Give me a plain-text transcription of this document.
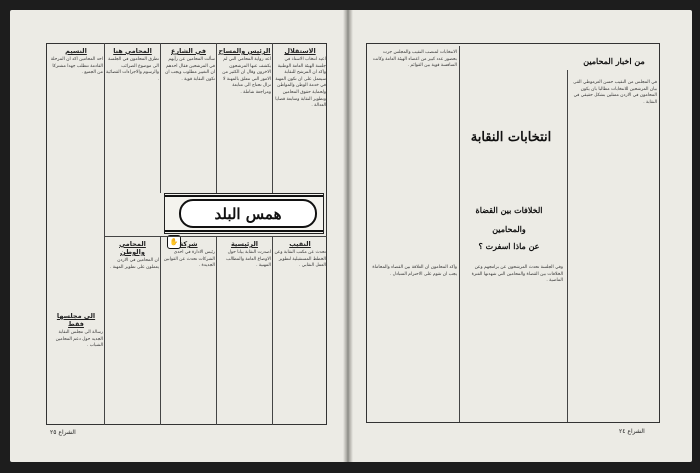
الاستقلال

اعيد انتخاب الاستاذ في جلسة الهيئة العامة الوطنية واكد ان المرشح للنقابة سيعمل على ان تكون المهنة في خدمة الوطن والمواطن ولحماية حقوق المحامين وتطوير النقابة ومتابعة قضايا العدالة .

الرئيس والمساح

اعد رواية المحامي التي لم يكشف عنها المرشحون الاخرون وقال ان الكثير من الامور التي تتعلق بالمهنة لا تزال تحتاج الى متابعة ومراجعة شاملة .

في الشارع

سألت المحامين عن رأيهم في المرشحين فقال احدهم ان التغيير مطلوب ويجب ان تكون النقابة قوية .

المحامي هنا

تطرق المحامون في الجلسة الى موضوع الضرائب والرسوم والاجراءات القضائية .

النسيم

احد المحامين اكد ان المرحلة القادمة تتطلب جهدا مشتركا من الجميع .

✋
همس البلد
النقيب

تحدث عن مكتب النقابة وعن الخطط المستقبلية لتطوير العمل النقابي .

الرئيسية

اصدرت النقابة بيانا حول الاوضاع العامة والمطالب المهنية .

شركة

رئيس الادارة في احدى الشركات تحدث عن القوانين الجديدة .

المحامي والوطن

ان المحامين في الاردن يعملون على تطوير المهنة .

الى مجلسها فقط

رسالة الى مجلس النقابة الجديد حول دعم المحامين الشباب .

الشراع ٢٥
من اخبار المحامين
انتخابات النقابة
الخلافات بين القضاة
والمحامين
عن ماذا اسفرت ؟

في المجلس من النقيب حسن العرموطي القى بيان المرشحين للانتخابات مطالبا بان يكون المحامون في الاردن ممثلين بشكل حقيقي في النقابة .

الانتخابات لمنصب النقيب والمجلس جرت بحضور عدد كبير من اعضاء الهيئة العامة وكانت المنافسة قوية بين القوائم .

وفي الجلسة تحدث المرشحون عن برامجهم وعن الخلافات بين القضاة والمحامين التي شهدتها الفترة الماضية .

واكد المحامون ان العلاقة بين القضاء والمحاماة يجب ان تقوم على الاحترام المتبادل .

الشراع ٢٤
